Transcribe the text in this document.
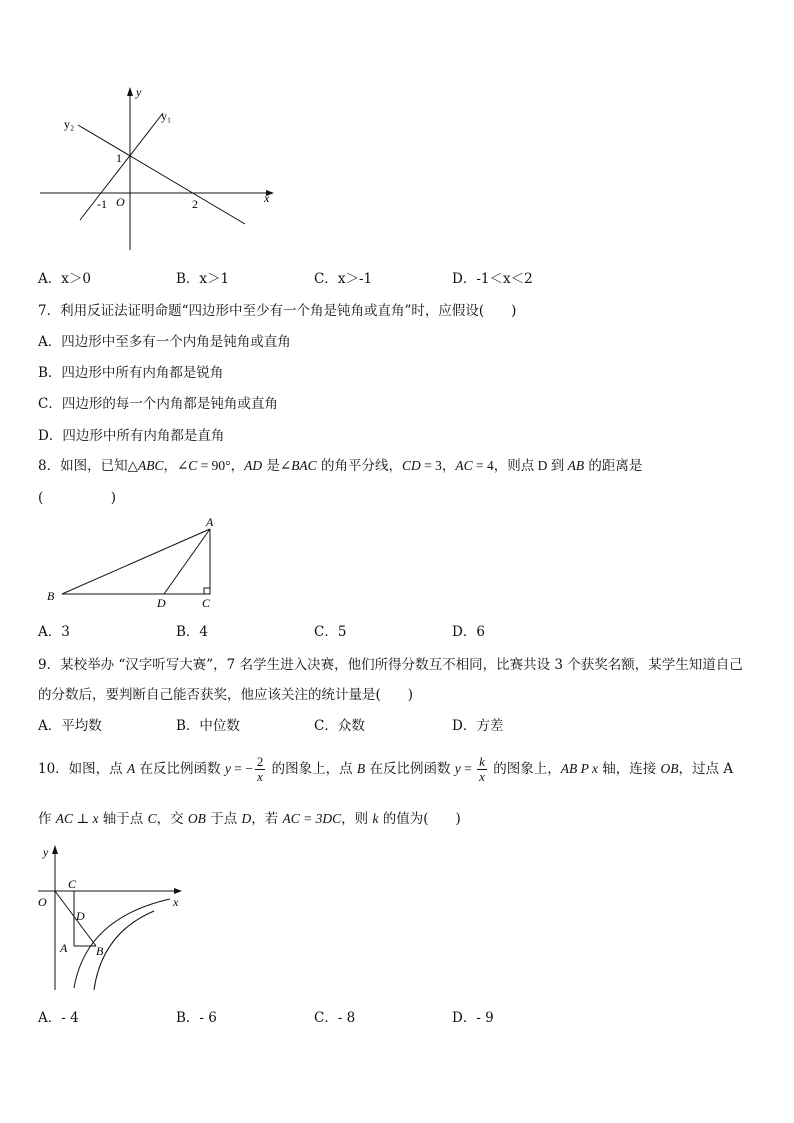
y
x
y₁
y₂
1
-1 O	2
A．x＞0	B．x＞1	C．x＞-1	D．-1＜x＜2
7．利用反证法证明命题“四边形中至少有一个角是钝角或直角”时，应假设(　　)
A．四边形中至多有一个内角是钝角或直角
B．四边形中所有内角都是锐角
C．四边形的每一个内角都是钝角或直角
D．四边形中所有内角都是直角
8．如图，已知△ABC，∠C = 90°，AD 是∠BAC 的角平分线，CD = 3，AC = 4，则点 D 到 AB 的距离是
(　　　　　)
A
B	D	C
A．3	B．4	C．5	D．6
9．某校举办 “汉字听写大赛”，7 名学生进入决赛，他们所得分数互不相同，比赛共设 3 个获奖名额，某学生知道自己
的分数后，要判断自己能否获奖，他应该关注的统计量是(　　)
A．平均数	B．中位数	C．众数	D．方差
10．如图，点 A 在反比例函数 y = − $\frac{2}{x}$ 的图象上，点 B 在反比例函数 $y = \frac{k}{x}$ 的图象上，AB P x 轴，连接 OB，过点 A
作 AC ⊥ x 轴于点 C，交 OB 于点 D，若 AC = 3DC，则 k 的值为(　　)
y
x
O
C
D
A B
A．- 4	B．- 6	C．- 8	D．- 9
